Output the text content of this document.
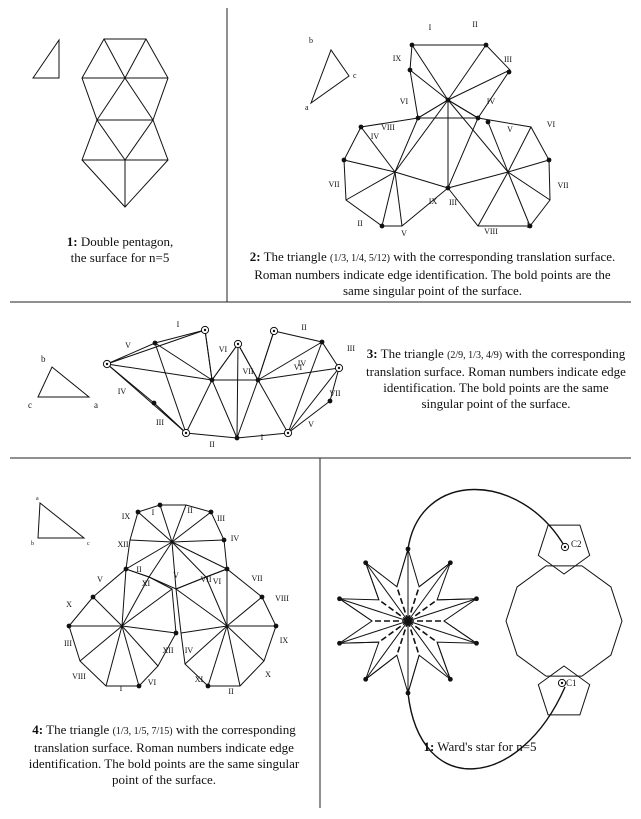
b
a
c
I	II
III
IX
IV
VI
VIII	V
IV
VI
VII	VII
III
IX
II
V	VIII
I
b
c	a
V
I
VI
VII
IV
VI
II
III
IV
III
II
I
V
VII
a
b	c
I	II
IX	III
XII
IV
II
V
V	XI	VII VI	VII
X
VIII
III
XII IV
IX
VIII
I
VI	XI
II
X
C2
C1
1: Double pentagon,
the surface for n=5	2: The triangle (1/3, 1/4, 5/12) with the corresponding translation surface. Roman numbers indicate edge identification. The bold points are the same singular point of the surface.
3: The triangle (2/9, 1/3, 4/9) with the corresponding translation surface. Roman numbers indicate edge identification. The bold points are the same singular point of the surface.
4: The triangle (1/3, 1/5, 7/15) with the corresponding translation surface. Roman numbers indicate edge identification. The bold points are the same singular point of the surface.
1: Ward's star for n=5
